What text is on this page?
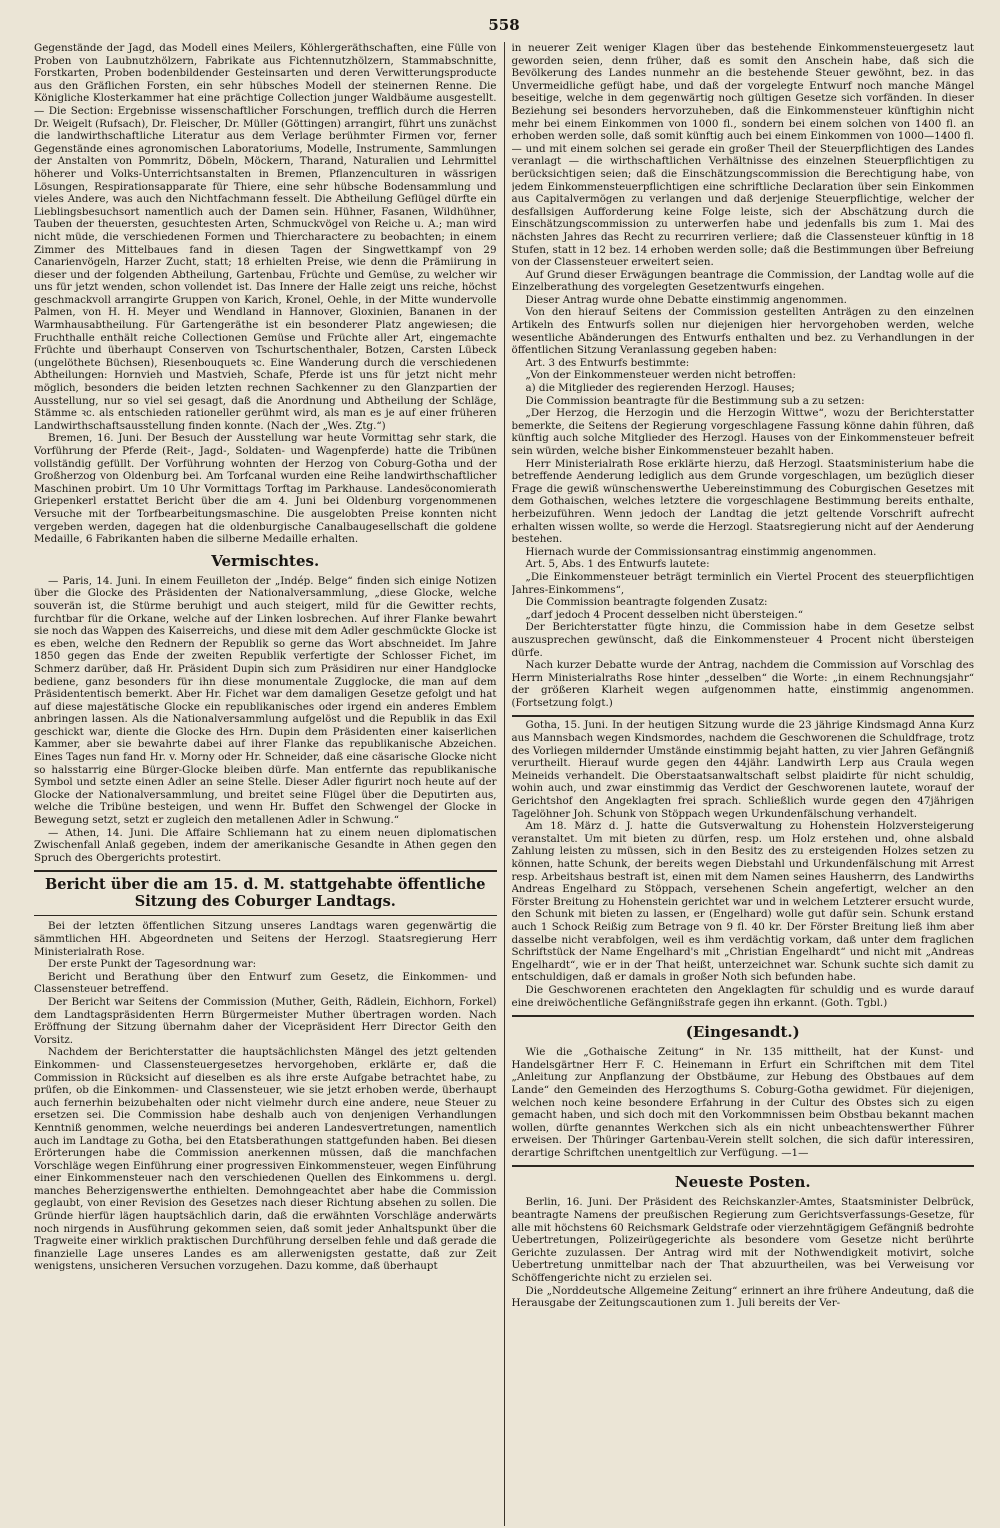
558

Gegenstände der Jagd, das Modell eines Meilers, Köhlergeräthschaften, eine Fülle von Proben von Laubnutzhölzern, Fabrikate aus Fichtennutzhölzern, Stammabschnitte, Forstkarten, Proben bodenbildender Gesteinsarten und deren Verwitterungsproducte aus den Gräflichen Forsten, ein sehr hübsches Modell der steinernen Renne. Die Königliche Klosterkammer hat eine prächtige Collection junger Waldbäume ausgestellt. — Die Section: Ergebnisse wissenschaftlicher Forschungen, trefflich durch die Herren Dr. Weigelt (Rufsach), Dr. Fleischer, Dr. Müller (Göttingen) arrangirt, führt uns zunächst die landwirthschaftliche Literatur aus dem Verlage berühmter Firmen vor, ferner Gegenstände eines agronomischen Laboratoriums, Modelle, Instrumente, Sammlungen der Anstalten von Pommritz, Döbeln, Möckern, Tharand, Naturalien und Lehrmittel höherer und Volks-Unterrichtsanstalten in Bremen, Pflanzenculturen in wässrigen Lösungen, Respirationsapparate für Thiere, eine sehr hübsche Bodensammlung und vieles Andere, was auch den Nichtfachmann fesselt. Die Abtheilung Geflügel dürfte ein Lieblingsbesuchsort namentlich auch der Damen sein. Hühner, Fasanen, Wildhühner, Tauben der theuersten, gesuchtesten Arten, Schmuckvögel von Reiche u. A.; man wird nicht müde, die verschiedenen Formen und Thiercharactere zu beobachten; in einem Zimmer des Mittelbaues fand in diesen Tagen der Singwettkampf von 29 Canarienvögeln, Harzer Zucht, statt; 18 erhielten Preise, wie denn die Prämiirung in dieser und der folgenden Abtheilung, Gartenbau, Früchte und Gemüse, zu welcher wir uns für jetzt wenden, schon vollendet ist. Das Innere der Halle zeigt uns reiche, höchst geschmackvoll arrangirte Gruppen von Karich, Kronel, Oehle, in der Mitte wundervolle Palmen, von H. H. Meyer und Wendland in Hannover, Gloxinien, Bananen in der Warmhausabtheilung. Für Gartengeräthe ist ein besonderer Platz angewiesen; die Fruchthalle enthält reiche Collectionen Gemüse und Früchte aller Art, eingemachte Früchte und überhaupt Conserven von Tschurtschenthaler, Botzen, Carsten Lübeck (ungelöthete Büchsen), Riesenbouquets ꝛc. Eine Wanderung durch die verschiedenen Abtheilungen: Hornvieh und Mastvieh, Schafe, Pferde ist uns für jetzt nicht mehr möglich, besonders die beiden letzten rechnen Sachkenner zu den Glanzpartien der Ausstellung, nur so viel sei gesagt, daß die Anordnung und Abtheilung der Schläge, Stämme ꝛc. als entschieden rationeller gerühmt wird, als man es je auf einer früheren Landwirthschaftsausstellung finden konnte. (Nach der „Wes. Ztg.“)

Bremen, 16. Juni. Der Besuch der Ausstellung war heute Vormittag sehr stark, die Vorführung der Pferde (Reit-, Jagd-, Soldaten- und Wagenpferde) hatte die Tribünen vollständig gefüllt. Der Vorführung wohnten der Herzog von Coburg-Gotha und der Großherzog von Oldenburg bei. Am Torfcanal wurden eine Reihe landwirthschaftlicher Maschinen probirt. Um 10 Uhr Vormittags Torftag im Parkhause. Landesöconomierath Griepenkerl erstattet Bericht über die am 4. Juni bei Oldenburg vorgenommenen Versuche mit der Torfbearbeitungsmaschine. Die ausgelobten Preise konnten nicht vergeben werden, dagegen hat die oldenburgische Canalbaugesellschaft die goldene Medaille, 6 Fabrikanten haben die silberne Medaille erhalten.

Vermischtes.

— Paris, 14. Juni. In einem Feuilleton der „Indép. Belge“ finden sich einige Notizen über die Glocke des Präsidenten der Nationalversammlung, „diese Glocke, welche souverän ist, die Stürme beruhigt und auch steigert, mild für die Gewitter rechts, furchtbar für die Orkane, welche auf der Linken losbrechen. Auf ihrer Flanke bewahrt sie noch das Wappen des Kaiserreichs, und diese mit dem Adler geschmückte Glocke ist es eben, welche den Rednern der Republik so gerne das Wort abschneidet. Im Jahre 1850 gegen das Ende der zweiten Republik verfertigte der Schlosser Fichet, im Schmerz darüber, daß Hr. Präsident Dupin sich zum Präsidiren nur einer Handglocke bediene, ganz besonders für ihn diese monumentale Zugglocke, die man auf dem Präsidententisch bemerkt. Aber Hr. Fichet war dem damaligen Gesetze gefolgt und hat auf diese majestätische Glocke ein republikanisches oder irgend ein anderes Emblem anbringen lassen. Als die Nationalversammlung aufgelöst und die Republik in das Exil geschickt war, diente die Glocke des Hrn. Dupin dem Präsidenten einer kaiserlichen Kammer, aber sie bewahrte dabei auf ihrer Flanke das republikanische Abzeichen. Eines Tages nun fand Hr. v. Morny oder Hr. Schneider, daß eine cäsarische Glocke nicht so halsstarrig eine Bürger-Glocke bleiben dürfe. Man entfernte das republikanische Symbol und setzte einen Adler an seine Stelle. Dieser Adler figurirt noch heute auf der Glocke der Nationalversammlung, und breitet seine Flügel über die Deputirten aus, welche die Tribüne besteigen, und wenn Hr. Buffet den Schwengel der Glocke in Bewegung setzt, setzt er zugleich den metallenen Adler in Schwung.“

— Athen, 14. Juni. Die Affaire Schliemann hat zu einem neuen diplomatischen Zwischenfall Anlaß gegeben, indem der amerikanische Gesandte in Athen gegen den Spruch des Obergerichts protestirt.

Bericht über die am 15. d. M. stattgehabte öffentliche Sitzung des Coburger Landtags.

Bei der letzten öffentlichen Sitzung unseres Landtags waren gegenwärtig die sämmtlichen HH. Abgeordneten und Seitens der Herzogl. Staatsregierung Herr Ministerialrath Rose.

Der erste Punkt der Tagesordnung war:

Bericht und Berathung über den Entwurf zum Gesetz, die Einkommen- und Classensteuer betreffend.

Der Bericht war Seitens der Commission (Muther, Geith, Rädlein, Eichhorn, Forkel) dem Landtagspräsidenten Herrn Bürgermeister Muther übertragen worden. Nach Eröffnung der Sitzung übernahm daher der Vicepräsident Herr Director Geith den Vorsitz.

Nachdem der Berichterstatter die hauptsächlichsten Mängel des jetzt geltenden Einkommen- und Classensteuergesetzes hervorgehoben, erklärte er, daß die Commission in Rücksicht auf dieselben es als ihre erste Aufgabe betrachtet habe, zu prüfen, ob die Einkommen- und Classensteuer, wie sie jetzt erhoben werde, überhaupt auch fernerhin beizubehalten oder nicht vielmehr durch eine andere, neue Steuer zu ersetzen sei. Die Commission habe deshalb auch von denjenigen Verhandlungen Kenntniß genommen, welche neuerdings bei anderen Landesvertretungen, namentlich auch im Landtage zu Gotha, bei den Etatsberathungen stattgefunden haben. Bei diesen Erörterungen habe die Commission anerkennen müssen, daß die manchfachen Vorschläge wegen Einführung einer progressiven Einkommensteuer, wegen Einführung einer Einkommensteuer nach den verschiedenen Quellen des Einkommens u. dergl. manches Beherzigenswerthe enthielten. Demohngeachtet aber habe die Commission geglaubt, von einer Revision des Gesetzes nach dieser Richtung absehen zu sollen. Die Gründe hierfür lägen hauptsächlich darin, daß die erwähnten Vorschläge anderwärts noch nirgends in Ausführung gekommen seien, daß somit jeder Anhaltspunkt über die Tragweite einer wirklich praktischen Durchführung derselben fehle und daß gerade die finanzielle Lage unseres Landes es am allerwenigsten gestatte, daß zur Zeit wenigstens, unsicheren Versuchen vorzugehen. Dazu komme, daß überhaupt

in neuerer Zeit weniger Klagen über das bestehende Einkommensteuergesetz laut geworden seien, denn früher, daß es somit den Anschein habe, daß sich die Bevölkerung des Landes nunmehr an die bestehende Steuer gewöhnt, bez. in das Unvermeidliche gefügt habe, und daß der vorgelegte Entwurf noch manche Mängel beseitige, welche in dem gegenwärtig noch gültigen Gesetze sich vorfänden. In dieser Beziehung sei besonders hervorzuheben, daß die Einkommensteuer künftighin nicht mehr bei einem Einkommen von 1000 fl., sondern bei einem solchen von 1400 fl. an erhoben werden solle, daß somit künftig auch bei einem Einkommen von 1000—1400 fl. — und mit einem solchen sei gerade ein großer Theil der Steuerpflichtigen des Landes veranlagt — die wirthschaftlichen Verhältnisse des einzelnen Steuerpflichtigen zu berücksichtigen seien; daß die Einschätzungscommission die Berechtigung habe, von jedem Einkommensteuerpflichtigen eine schriftliche Declaration über sein Einkommen aus Capitalvermögen zu verlangen und daß derjenige Steuerpflichtige, welcher der desfallsigen Aufforderung keine Folge leiste, sich der Abschätzung durch die Einschätzungscommission zu unterwerfen habe und jedenfalls bis zum 1. Mai des nächsten Jahres das Recht zu recurriren verliere; daß die Classensteuer künftig in 18 Stufen, statt in 12 bez. 14 erhoben werden solle; daß die Bestimmungen über Befreiung von der Classensteuer erweitert seien.

Auf Grund dieser Erwägungen beantrage die Commission, der Landtag wolle auf die Einzelberathung des vorgelegten Gesetzentwurfs eingehen.

Dieser Antrag wurde ohne Debatte einstimmig angenommen.

Von den hierauf Seitens der Commission gestellten Anträgen zu den einzelnen Artikeln des Entwurfs sollen nur diejenigen hier hervorgehoben werden, welche wesentliche Abänderungen des Entwurfs enthalten und bez. zu Verhandlungen in der öffentlichen Sitzung Veranlassung gegeben haben:

Art. 3 des Entwurfs bestimmte:

„Von der Einkommensteuer werden nicht betroffen:

a) die Mitglieder des regierenden Herzogl. Hauses;

Die Commission beantragte für die Bestimmung sub a zu setzen:

„Der Herzog, die Herzogin und die Herzogin Wittwe“, wozu der Berichterstatter bemerkte, die Seitens der Regierung vorgeschlagene Fassung könne dahin führen, daß künftig auch solche Mitglieder des Herzogl. Hauses von der Einkommensteuer befreit sein würden, welche bisher Einkommensteuer bezahlt haben.

Herr Ministerialrath Rose erklärte hierzu, daß Herzogl. Staatsministerium habe die betreffende Aenderung lediglich aus dem Grunde vorgeschlagen, um bezüglich dieser Frage die gewiß wünschenswerthe Uebereinstimmung des Coburgischen Gesetzes mit dem Gothaischen, welches letztere die vorgeschlagene Bestimmung bereits enthalte, herbeizuführen. Wenn jedoch der Landtag die jetzt geltende Vorschrift aufrecht erhalten wissen wollte, so werde die Herzogl. Staatsregierung nicht auf der Aenderung bestehen.

Hiernach wurde der Commissionsantrag einstimmig angenommen.

Art. 5, Abs. 1 des Entwurfs lautete:

„Die Einkommensteuer beträgt terminlich ein Viertel Procent des steuerpflichtigen Jahres-Einkommens“,

Die Commission beantragte folgenden Zusatz:

„darf jedoch 4 Procent desselben nicht übersteigen.“

Der Berichterstatter fügte hinzu, die Commission habe in dem Gesetze selbst auszusprechen gewünscht, daß die Einkommensteuer 4 Procent nicht übersteigen dürfe.

Nach kurzer Debatte wurde der Antrag, nachdem die Commission auf Vorschlag des Herrn Ministerialraths Rose hinter „desselben“ die Worte: „in einem Rechnungsjahr“ der größeren Klarheit wegen aufgenommen hatte, einstimmig angenommen. (Fortsetzung folgt.)

Gotha, 15. Juni. In der heutigen Sitzung wurde die 23 jährige Kindsmagd Anna Kurz aus Mannsbach wegen Kindsmordes, nachdem die Geschworenen die Schuldfrage, trotz des Vorliegen mildernder Umstände einstimmig bejaht hatten, zu vier Jahren Gefängniß verurtheilt. Hierauf wurde gegen den 44jähr. Landwirth Lerp aus Craula wegen Meineids verhandelt. Die Oberstaatsanwaltschaft selbst plaidirte für nicht schuldig, wohin auch, und zwar einstimmig das Verdict der Geschworenen lautete, worauf der Gerichtshof den Angeklagten frei sprach. Schließlich wurde gegen den 47jährigen Tagelöhner Joh. Schunk von Stöppach wegen Urkundenfälschung verhandelt.

Am 18. März d. J. hatte die Gutsverwaltung zu Hohenstein Holzversteigerung veranstaltet. Um mit bieten zu dürfen, resp. um Holz erstehen und, ohne alsbald Zahlung leisten zu müssen, sich in den Besitz des zu ersteigenden Holzes setzen zu können, hatte Schunk, der bereits wegen Diebstahl und Urkundenfälschung mit Arrest resp. Arbeitshaus bestraft ist, einen mit dem Namen seines Hausherrn, des Landwirths Andreas Engelhard zu Stöppach, versehenen Schein angefertigt, welcher an den Förster Breitung zu Hohenstein gerichtet war und in welchem Letzterer ersucht wurde, den Schunk mit bieten zu lassen, er (Engelhard) wolle gut dafür sein. Schunk erstand auch 1 Schock Reißig zum Betrage von 9 fl. 40 kr. Der Förster Breitung ließ ihm aber dasselbe nicht verabfolgen, weil es ihm verdächtig vorkam, daß unter dem fraglichen Schriftstück der Name Engelhard's mit „Christian Engelhardt“ und nicht mit „Andreas Engelhardt“, wie er in der That heißt, unterzeichnet war. Schunk suchte sich damit zu entschuldigen, daß er damals in großer Noth sich befunden habe.

Die Geschworenen erachteten den Angeklagten für schuldig und es wurde darauf eine dreiwöchentliche Gefängnißstrafe gegen ihn erkannt. (Goth. Tgbl.)

(Eingesandt.)

Wie die „Gothaische Zeitung“ in Nr. 135 mittheilt, hat der Kunst- und Handelsgärtner Herr F. C. Heinemann in Erfurt ein Schriftchen mit dem Titel „Anleitung zur Anpflanzung der Obstbäume, zur Hebung des Obstbaues auf dem Lande“ den Gemeinden des Herzogthums S. Coburg-Gotha gewidmet. Für diejenigen, welchen noch keine besondere Erfahrung in der Cultur des Obstes sich zu eigen gemacht haben, und sich doch mit den Vorkommnissen beim Obstbau bekannt machen wollen, dürfte genanntes Werkchen sich als ein nicht unbeachtenswerther Führer erweisen. Der Thüringer Gartenbau-Verein stellt solchen, die sich dafür interessiren, derartige Schriftchen unentgeltlich zur Verfügung. —1—

Neueste Posten.

Berlin, 16. Juni. Der Präsident des Reichskanzler-Amtes, Staatsminister Delbrück, beantragte Namens der preußischen Regierung zum Gerichtsverfassungs-Gesetze, für alle mit höchstens 60 Reichsmark Geldstrafe oder vierzehntägigem Gefängniß bedrohte Uebertretungen, Polizeirügegerichte als besondere vom Gesetze nicht berührte Gerichte zuzulassen. Der Antrag wird mit der Nothwendigkeit motivirt, solche Uebertretung unmittelbar nach der That abzuurtheilen, was bei Verweisung vor Schöffengerichte nicht zu erzielen sei.

Die „Norddeutsche Allgemeine Zeitung“ erinnert an ihre frühere Andeutung, daß die Herausgabe der Zeitungscautionen zum 1. Juli bereits der Ver-
